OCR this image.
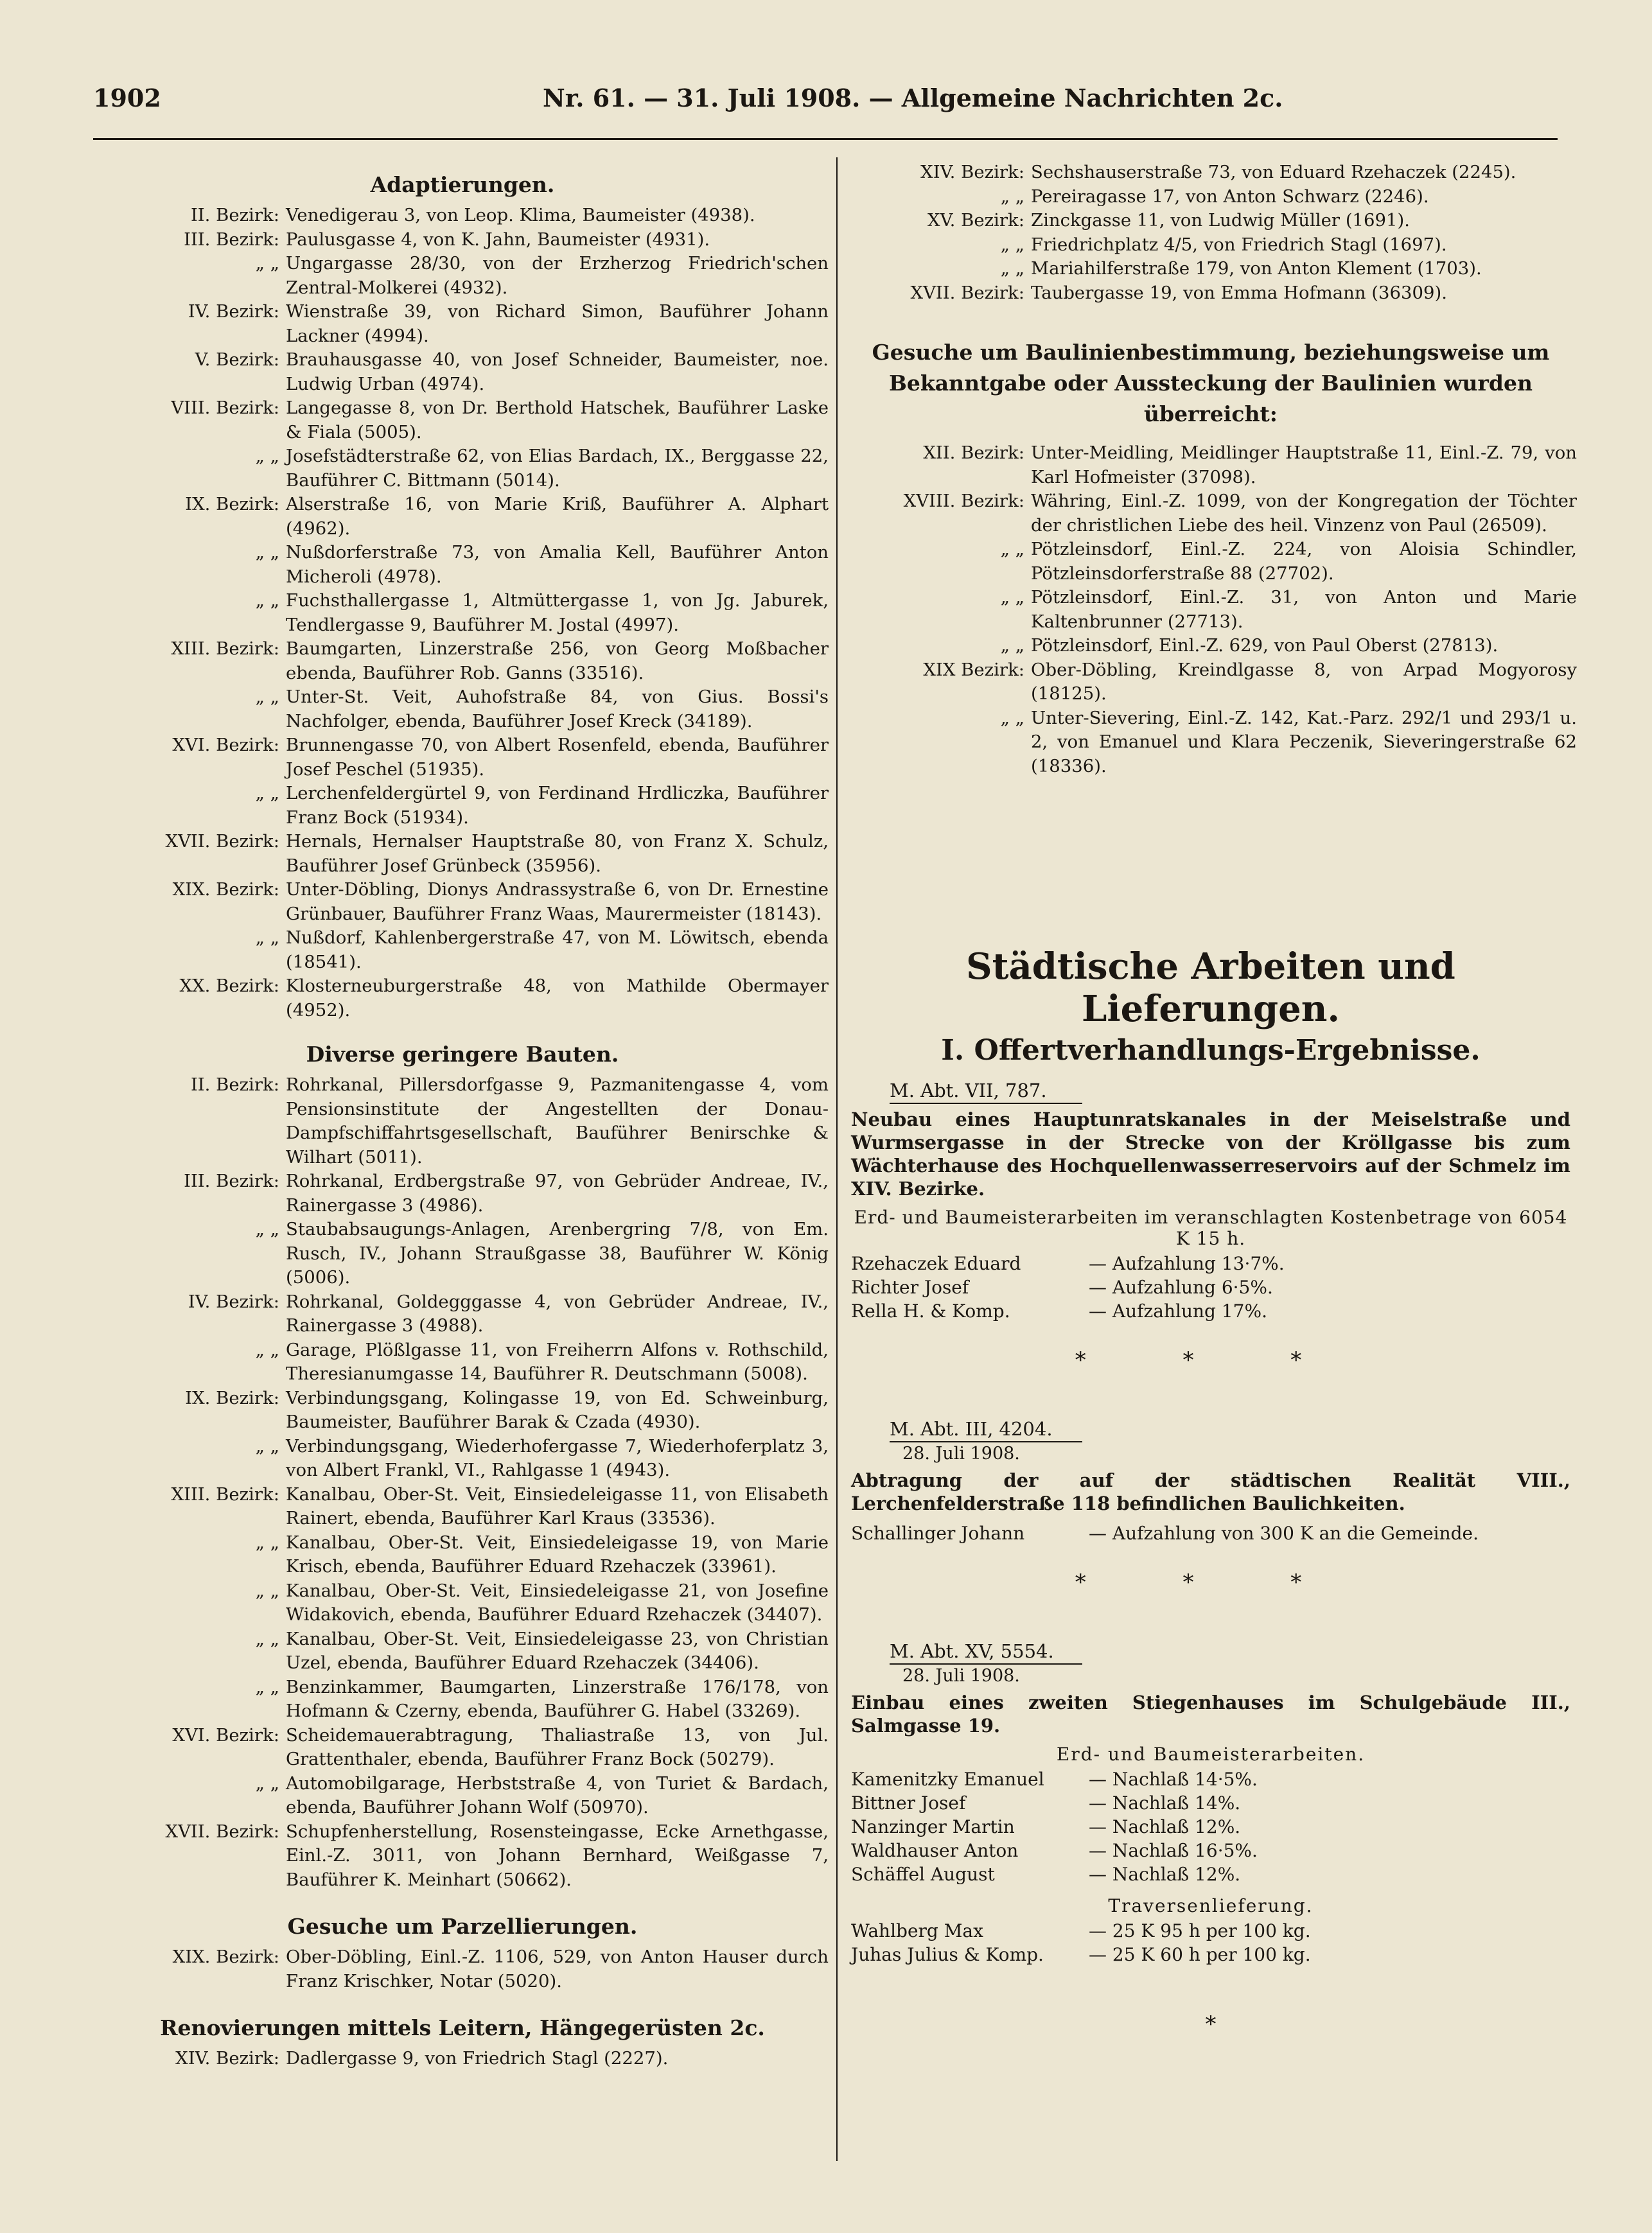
1902	Nr. 61. — 31. Juli 1908. — Allgemeine Nachrichten 2c.
Adaptierungen.
II. Bezirk: Venedigerau 3, von Leop. Klima, Baumeister (4938).
III. Bezirk: Paulusgasse 4, von K. Jahn, Baumeister (4931).
„ „ Ungargasse 28/30, von der Erzherzog Friedrich'schen Zentral-Molkerei (4932).
IV. Bezirk: Wienstraße 39, von Richard Simon, Bauführer Johann Lackner (4994).
V. Bezirk: Brauhausgasse 40, von Josef Schneider, Baumeister, noe. Ludwig Urban (4974).
VIII. Bezirk: Langegasse 8, von Dr. Berthold Hatschek, Bauführer Laske & Fiala (5005).
„ „ Josefstädterstraße 62, von Elias Bardach, IX., Berggasse 22, Bauführer C. Bittmann (5014).
IX. Bezirk: Alserstraße 16, von Marie Kriß, Bauführer A. Alphart (4962).
„ „ Nußdorferstraße 73, von Amalia Kell, Bauführer Anton Micheroli (4978).
„ „ Fuchsthallergasse 1, Altmüttergasse 1, von Jg. Jaburek, Tendlergasse 9, Bauführer M. Jostal (4997).
XIII. Bezirk: Baumgarten, Linzerstraße 256, von Georg Moßbacher ebenda, Bauführer Rob. Ganns (33516).
„ „ Unter-St. Veit, Auhofstraße 84, von Gius. Bossi's Nachfolger, ebenda, Bauführer Josef Kreck (34189).
XVI. Bezirk: Brunnengasse 70, von Albert Rosenfeld, ebenda, Bauführer Josef Peschel (51935).
„ „ Lerchenfeldergürtel 9, von Ferdinand Hrdliczka, Bauführer Franz Bock (51934).
XVII. Bezirk: Hernals, Hernalser Hauptstraße 80, von Franz X. Schulz, Bauführer Josef Grünbeck (35956).
XIX. Bezirk: Unter-Döbling, Dionys Andrassystraße 6, von Dr. Ernestine Grünbauer, Bauführer Franz Waas, Maurermeister (18143).
„ „ Nußdorf, Kahlenbergerstraße 47, von M. Löwitsch, ebenda (18541).
XX. Bezirk: Klosterneuburgerstraße 48, von Mathilde Obermayer (4952).
Diverse geringere Bauten.
II. Bezirk: Rohrkanal, Pillersdorfgasse 9, Pazmanitengasse 4, vom Pensionsinstitute der Angestellten der Donau-Dampfschiffahrtsgesellschaft, Bauführer Benirschke & Wilhart (5011).
III. Bezirk: Rohrkanal, Erdbergstraße 97, von Gebrüder Andreae, IV., Rainergasse 3 (4986).
„ „ Staubabsaugungs-Anlagen, Arenbergring 7/8, von Em. Rusch, IV., Johann Straußgasse 38, Bauführer W. König (5006).
IV. Bezirk: Rohrkanal, Goldegggasse 4, von Gebrüder Andreae, IV., Rainergasse 3 (4988).
„ „ Garage, Plößlgasse 11, von Freiherrn Alfons v. Rothschild, Theresianumgasse 14, Bauführer R. Deutschmann (5008).
IX. Bezirk: Verbindungsgang, Kolingasse 19, von Ed. Schweinburg, Baumeister, Bauführer Barak & Czada (4930).
„ „ Verbindungsgang, Wiederhofergasse 7, Wiederhoferplatz 3, von Albert Frankl, VI., Rahlgasse 1 (4943).
XIII. Bezirk: Kanalbau, Ober-St. Veit, Einsiedeleigasse 11, von Elisabeth Rainert, ebenda, Bauführer Karl Kraus (33536).
„ „ Kanalbau, Ober-St. Veit, Einsiedeleigasse 19, von Marie Krisch, ebenda, Bauführer Eduard Rzehaczek (33961).
„ „ Kanalbau, Ober-St. Veit, Einsiedeleigasse 21, von Josefine Widakovich, ebenda, Bauführer Eduard Rzehaczek (34407).
„ „ Kanalbau, Ober-St. Veit, Einsiedeleigasse 23, von Christian Uzel, ebenda, Bauführer Eduard Rzehaczek (34406).
„ „ Benzinkammer, Baumgarten, Linzerstraße 176/178, von Hofmann & Czerny, ebenda, Bauführer G. Habel (33269).
XVI. Bezirk: Scheidemauerabtragung, Thaliastraße 13, von Jul. Grattenthaler, ebenda, Bauführer Franz Bock (50279).
„ „ Automobilgarage, Herbststraße 4, von Turiet & Bardach, ebenda, Bauführer Johann Wolf (50970).
XVII. Bezirk: Schupfenherstellung, Rosensteingasse, Ecke Arnethgasse, Einl.-Z. 3011, von Johann Bernhard, Weißgasse 7, Bauführer K. Meinhart (50662).
Gesuche um Parzellierungen.
XIX. Bezirk: Ober-Döbling, Einl.-Z. 1106, 529, von Anton Hauser durch Franz Krischker, Notar (5020).
Renovierungen mittels Leitern, Hängegerüsten 2c.
XIV. Bezirk: Dadlergasse 9, von Friedrich Stagl (2227).
XIV. Bezirk: Sechshauserstraße 73, von Eduard Rzehaczek (2245).
„ „ Pereiragasse 17, von Anton Schwarz (2246).
XV. Bezirk: Zinckgasse 11, von Ludwig Müller (1691).
„ „ Friedrichplatz 4/5, von Friedrich Stagl (1697).
„ „ Mariahilferstraße 179, von Anton Klement (1703).
XVII. Bezirk: Taubergasse 19, von Emma Hofmann (36309).
Gesuche um Baulinienbestimmung, beziehungsweise um Bekanntgabe oder Aussteckung der Baulinien wurden überreicht:
XII. Bezirk: Unter-Meidling, Meidlinger Hauptstraße 11, Einl.-Z. 79, von Karl Hofmeister (37098).
XVIII. Bezirk: Währing, Einl.-Z. 1099, von der Kongregation der Töchter der christlichen Liebe des heil. Vinzenz von Paul (26509).
„ „ Pötzleinsdorf, Einl.-Z. 224, von Aloisia Schindler, Pötzleinsdorferstraße 88 (27702).
„ „ Pötzleinsdorf, Einl.-Z. 31, von Anton und Marie Kaltenbrunner (27713).
„ „ Pötzleinsdorf, Einl.-Z. 629, von Paul Oberst (27813).
XIX Bezirk: Ober-Döbling, Kreindlgasse 8, von Arpad Mogyorosy (18125).
„ „ Unter-Sievering, Einl.-Z. 142, Kat.-Parz. 292/1 und 293/1 u. 2, von Emanuel und Klara Peczenik, Sieveringerstraße 62 (18336).
Städtische Arbeiten und Lieferungen.
I. Offertverhandlungs-Ergebnisse.
M. Abt. VII, 787.
Neubau eines Hauptunratskanales in der Meiselstraße und Wurmsergasse in der Strecke von der Kröllgasse bis zum Wächterhause des Hochquellenwasserreservoirs auf der Schmelz im XIV. Bezirke.
Erd- und Baumeisterarbeiten im veranschlagten Kostenbetrage von 6054 K 15 h.
Rzehaczek Eduard	— Aufzahlung 13·7%.
Richter Josef	— Aufzahlung 6·5%.
Rella H. & Komp.	— Aufzahlung 17%.
* * *
M. Abt. III, 4204.
28. Juli 1908.
Abtragung der auf der städtischen Realität VIII., Lerchenfelderstraße 118 befindlichen Baulichkeiten.
Schallinger Johann	— Aufzahlung von 300 K an die Gemeinde.
* * *
M. Abt. XV, 5554.
28. Juli 1908.
Einbau eines zweiten Stiegenhauses im Schulgebäude III., Salmgasse 19.
Erd- und Baumeisterarbeiten.
Kamenitzky Emanuel	— Nachlaß 14·5%.
Bittner Josef	— Nachlaß 14%.
Nanzinger Martin	— Nachlaß 12%.
Waldhauser Anton	— Nachlaß 16·5%.
Schäffel August	— Nachlaß 12%.
Traversenlieferung.
Wahlberg Max	— 25 K 95 h per 100 kg.
Juhas Julius & Komp.	— 25 K 60 h per 100 kg.
*
